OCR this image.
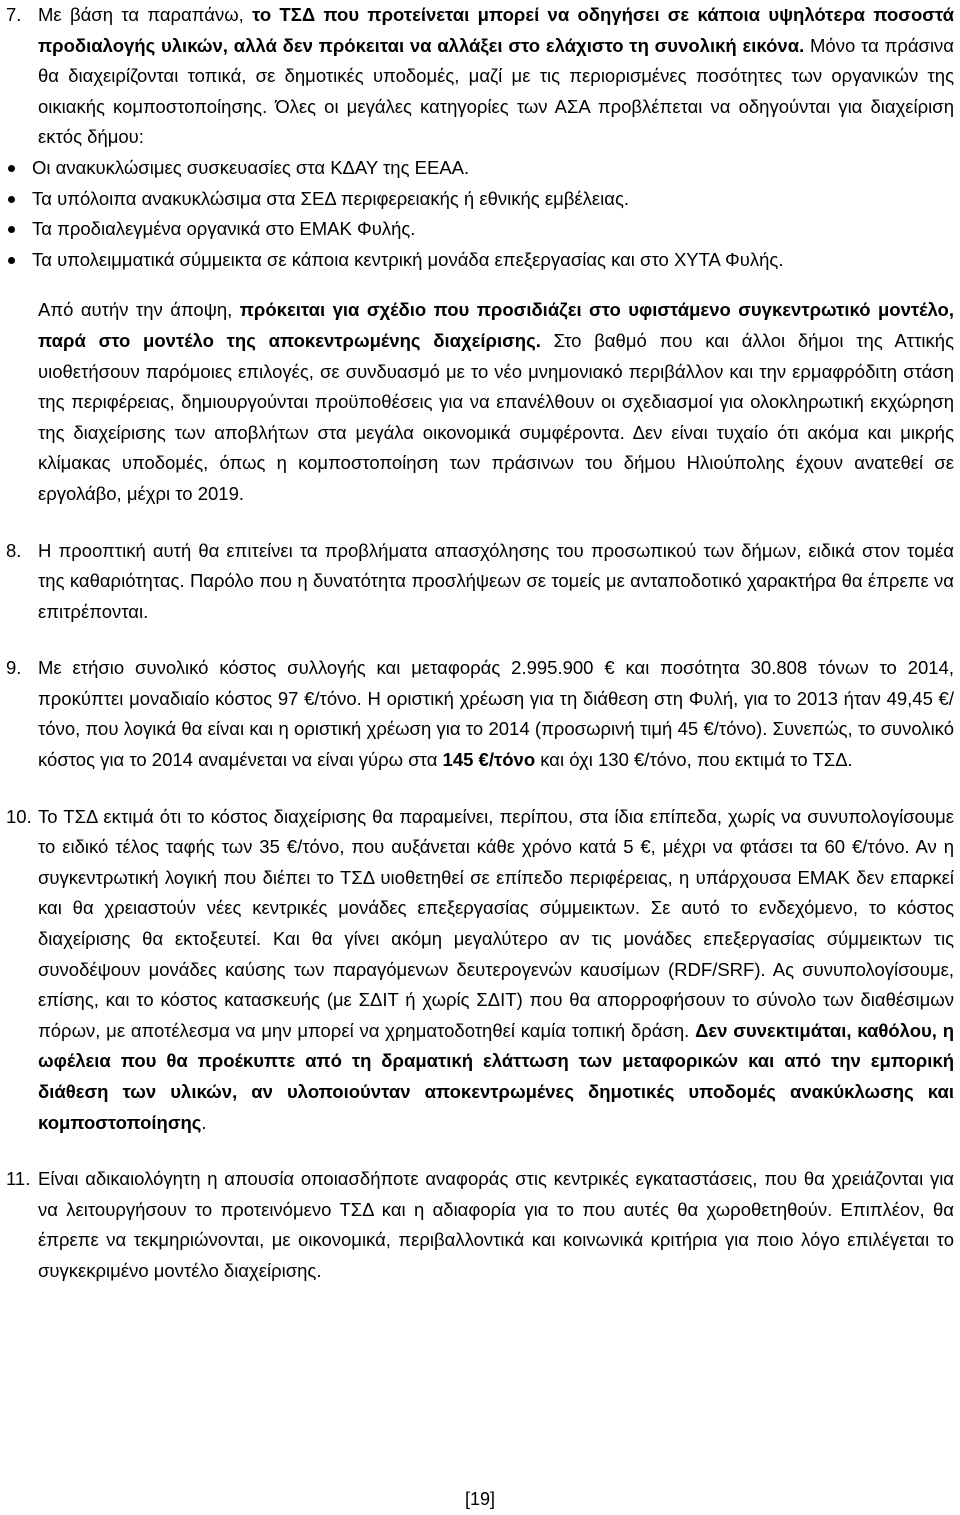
7. Με βάση τα παραπάνω, το ΤΣΔ που προτείνεται μπορεί να οδηγήσει σε κάποια υψηλότερα ποσοστά προδιαλογής υλικών, αλλά δεν πρόκειται να αλλάξει στο ελάχιστο τη συνολική εικόνα. Μόνο τα πράσινα θα διαχειρίζονται τοπικά, σε δημοτικές υποδομές, μαζί με τις περιορισμένες ποσότητες των οργανικών της οικιακής κομποστοποίησης. Όλες οι μεγάλες κατηγορίες των ΑΣΑ προβλέπεται να οδηγούνται για διαχείριση εκτός δήμου:
Οι ανακυκλώσιμες συσκευασίες στα ΚΔΑΥ της ΕΕΑΑ.
Τα υπόλοιπα ανακυκλώσιμα στα ΣΕΔ περιφερειακής ή εθνικής εμβέλειας.
Τα προδιαλεγμένα οργανικά στο ΕΜΑΚ Φυλής.
Τα υπολειμματικά σύμμεικτα σε κάποια κεντρική μονάδα επεξεργασίας και στο ΧΥΤΑ Φυλής.
Από αυτήν την άποψη, πρόκειται για σχέδιο που προσιδιάζει στο υφιστάμενο συγκεντρωτικό μοντέλο, παρά στο μοντέλο της αποκεντρωμένης διαχείρισης. Στο βαθμό που και άλλοι δήμοι της Αττικής υιοθετήσουν παρόμοιες επιλογές, σε συνδυασμό με το νέο μνημονιακό περιβάλλον και την ερμαφρόδιτη στάση της περιφέρειας, δημιουργούνται προϋποθέσεις για να επανέλθουν οι σχεδιασμοί για ολοκληρωτική εκχώρηση της διαχείρισης των αποβλήτων στα μεγάλα οικονομικά συμφέροντα. Δεν είναι τυχαίο ότι ακόμα και μικρής κλίμακας υποδομές, όπως η κομποστοποίηση των πράσινων του δήμου Ηλιούπολης έχουν ανατεθεί σε εργολάβο, μέχρι το 2019.
8. Η προοπτική αυτή θα επιτείνει τα προβλήματα απασχόλησης του προσωπικού των δήμων, ειδικά στον τομέα της καθαριότητας. Παρόλο που η δυνατότητα προσλήψεων σε τομείς με ανταποδοτικό χαρακτήρα θα έπρεπε να επιτρέπονται.
9. Με ετήσιο συνολικό κόστος συλλογής και μεταφοράς 2.995.900 € και ποσότητα 30.808 τόνων το 2014, προκύπτει μοναδιαίο κόστος 97 €/τόνο. Η οριστική χρέωση για τη διάθεση στη Φυλή, για το 2013 ήταν 49,45 €/τόνο, που λογικά θα είναι και η οριστική χρέωση για το 2014 (προσωρινή τιμή 45 €/τόνο). Συνεπώς, το συνολικό κόστος για το 2014 αναμένεται να είναι γύρω στα 145 €/τόνο και όχι 130 €/τόνο, που εκτιμά το ΤΣΔ.
10. Το ΤΣΔ εκτιμά ότι το κόστος διαχείρισης θα παραμείνει, περίπου, στα ίδια επίπεδα, χωρίς να συνυπολογίσουμε το ειδικό τέλος ταφής των 35 €/τόνο, που αυξάνεται κάθε χρόνο κατά 5 €, μέχρι να φτάσει τα 60 €/τόνο. Αν η συγκεντρωτική λογική που διέπει το ΤΣΔ υιοθετηθεί σε επίπεδο περιφέρειας, η υπάρχουσα ΕΜΑΚ δεν επαρκεί και θα χρειαστούν νέες κεντρικές μονάδες επεξεργασίας σύμμεικτων. Σε αυτό το ενδεχόμενο, το κόστος διαχείρισης θα εκτοξευτεί. Και θα γίνει ακόμη μεγαλύτερο αν τις μονάδες επεξεργασίας σύμμεικτων τις συνοδέψουν μονάδες καύσης των παραγόμενων δευτερογενών καυσίμων (RDF/SRF). Ας συνυπολογίσουμε, επίσης, και το κόστος κατασκευής (με ΣΔΙΤ ή χωρίς ΣΔΙΤ) που θα απορροφήσουν το σύνολο των διαθέσιμων πόρων, με αποτέλεσμα να μην μπορεί να χρηματοδοτηθεί καμία τοπική δράση. Δεν συνεκτιμάται, καθόλου, η ωφέλεια που θα προέκυπτε από τη δραματική ελάττωση των μεταφορικών και από την εμπορική διάθεση των υλικών, αν υλοποιούνταν αποκεντρωμένες δημοτικές υποδομές ανακύκλωσης και κομποστοποίησης.
11. Είναι αδικαιολόγητη η απουσία οποιασδήποτε αναφοράς στις κεντρικές εγκαταστάσεις, που θα χρειάζονται για να λειτουργήσουν το προτεινόμενο ΤΣΔ και η αδιαφορία για το που αυτές θα χωροθετηθούν. Επιπλέον, θα έπρεπε να τεκμηριώνονται, με οικονομικά, περιβαλλοντικά και κοινωνικά κριτήρια για ποιο λόγο επιλέγεται το συγκεκριμένο μοντέλο διαχείρισης.
[19]
